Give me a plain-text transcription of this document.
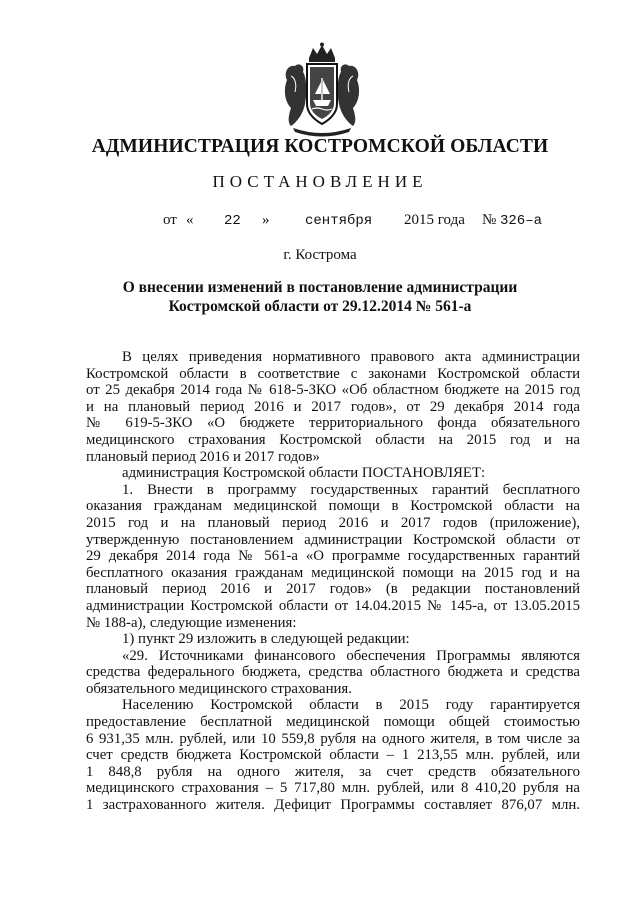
АДМИНИСТРАЦИЯ КОСТРОМСКОЙ ОБЛАСТИ
ПОСТАНОВЛЕНИЕ
от « 22 »	сентября 2015 года № 326–а
г. Кострома
О внесении изменений в постановление администрации
Костромской области от 29.12.2014 № 561-а
В целях приведения нормативного правового акта администрации
Костромской области в соответствие с законами Костромской области
от 25 декабря 2014 года № 618-5-ЗКО «Об областном бюджете на 2015 год
и на плановый период 2016 и 2017 годов», от 29 декабря 2014 года
№ 619-5-ЗКО «О бюджете территориального фонда обязательного
медицинского страхования Костромской области на 2015 год и на
плановый период 2016 и 2017 годов»
администрация Костромской области ПОСТАНОВЛЯЕТ:
1. Внести в программу государственных гарантий бесплатного
оказания гражданам медицинской помощи в Костромской области на
2015 год и на плановый период 2016 и 2017 годов (приложение),
утвержденную постановлением администрации Костромской области от
29 декабря 2014 года № 561-а «О программе государственных гарантий
бесплатного оказания гражданам медицинской помощи на 2015 год и на
плановый период 2016 и 2017 годов» (в редакции постановлений
администрации Костромской области от 14.04.2015 № 145-а, от 13.05.2015
№ 188-а), следующие изменения:
1) пункт 29 изложить в следующей редакции:
«29. Источниками финансового обеспечения Программы являются
средства федерального бюджета, средства областного бюджета и средства
обязательного медицинского страхования.
Населению Костромской области в 2015 году гарантируется
предоставление бесплатной медицинской помощи общей стоимостью
6 931,35 млн. рублей, или 10 559,8 рубля на одного жителя, в том числе за
счет средств бюджета Костромской области – 1 213,55 млн. рублей, или
1 848,8 рубля на одного жителя, за счет средств обязательного
медицинского страхования – 5 717,80 млн. рублей, или 8 410,20 рубля на
1 застрахованного жителя. Дефицит Программы составляет 876,07 млн.
